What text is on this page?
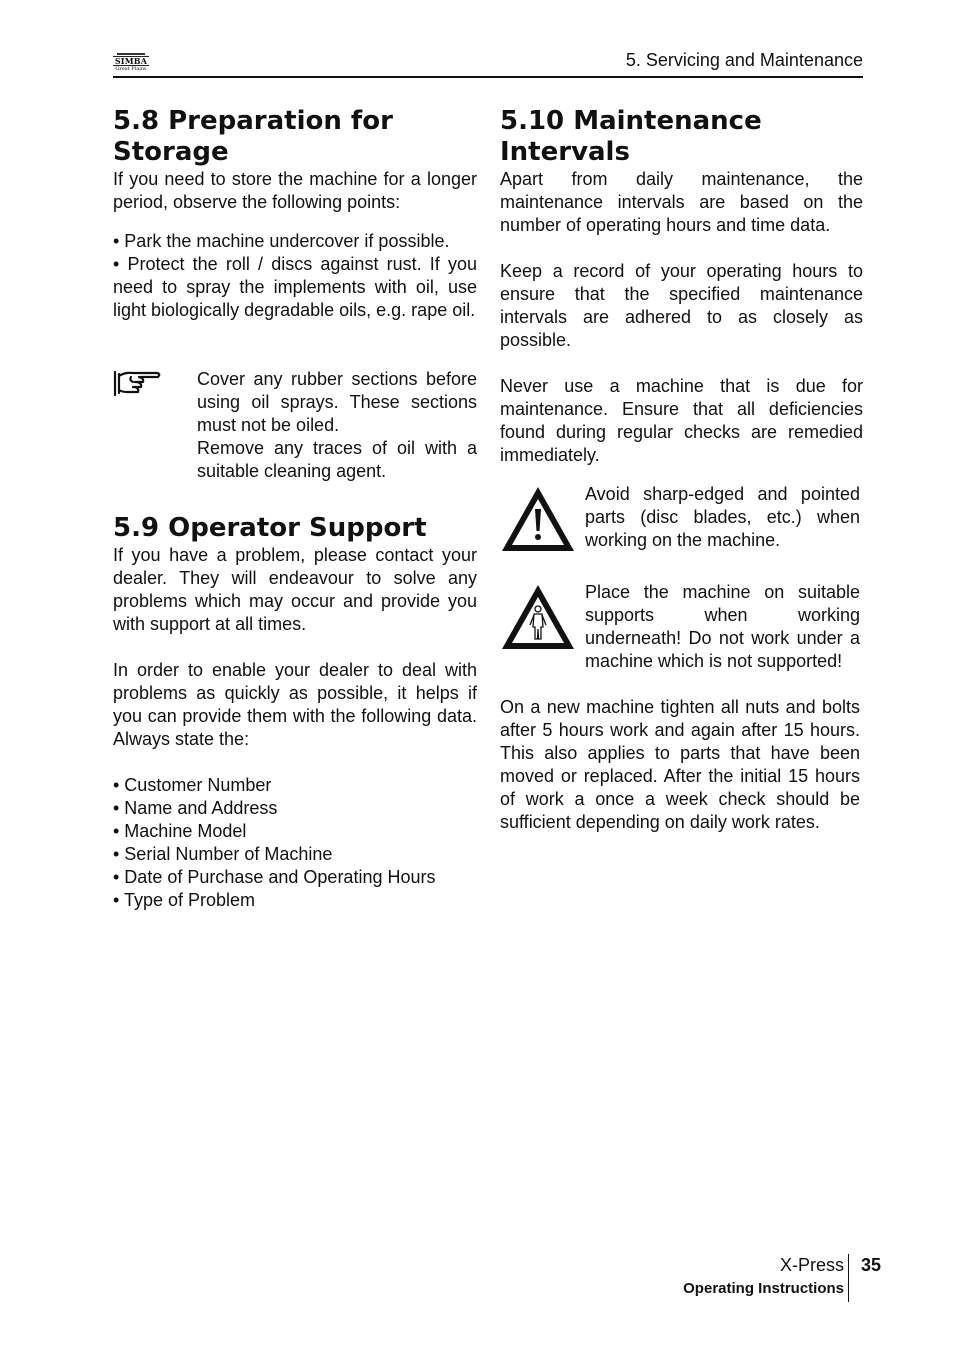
SIMBA
Great Plains	5. Servicing and Maintenance
5.8 Preparation for Storage

If you need to store the machine for a longer period, observe the following points:

• Park the machine undercover if possible.

• Protect the roll / discs against rust. If you need to spray the implements with oil, use light biologically degradable oils, e.g. rape oil.

Cover any rubber sections before using oil sprays. These sections must not be oiled.

Remove any traces of oil with a suitable cleaning agent.

5.9 Operator Support

If you have a problem, please contact your dealer. They will endeavour to solve any problems which may occur and provide you with support at all times.

In order to enable your dealer to deal with problems as quickly as possible, it helps if you can provide them with the following data. Always state the:

• Customer Number

• Name and Address

• Machine Model

• Serial Number of Machine

• Date of Purchase and Operating Hours

• Type of Problem

5.10 Maintenance Intervals

Apart from daily maintenance, the maintenance intervals are based on the number of operating hours and time data.

Keep a record of your operating hours to ensure that the specified maintenance intervals are adhered to as closely as possible.

Never use a machine that is due for maintenance. Ensure that all deficiencies found during regular checks are remedied immediately.

Avoid sharp-edged and pointed parts (disc blades, etc.) when working on the machine.

Place the machine on suitable supports when working underneath! Do not work under a machine which is not supported!

On a new machine tighten all nuts and bolts after 5 hours work and again after 15 hours. This also applies to parts that have been moved or replaced. After the initial 15 hours of work a once a week check should be sufficient depending on daily work rates.

X-Press
Operating Instructions
35
